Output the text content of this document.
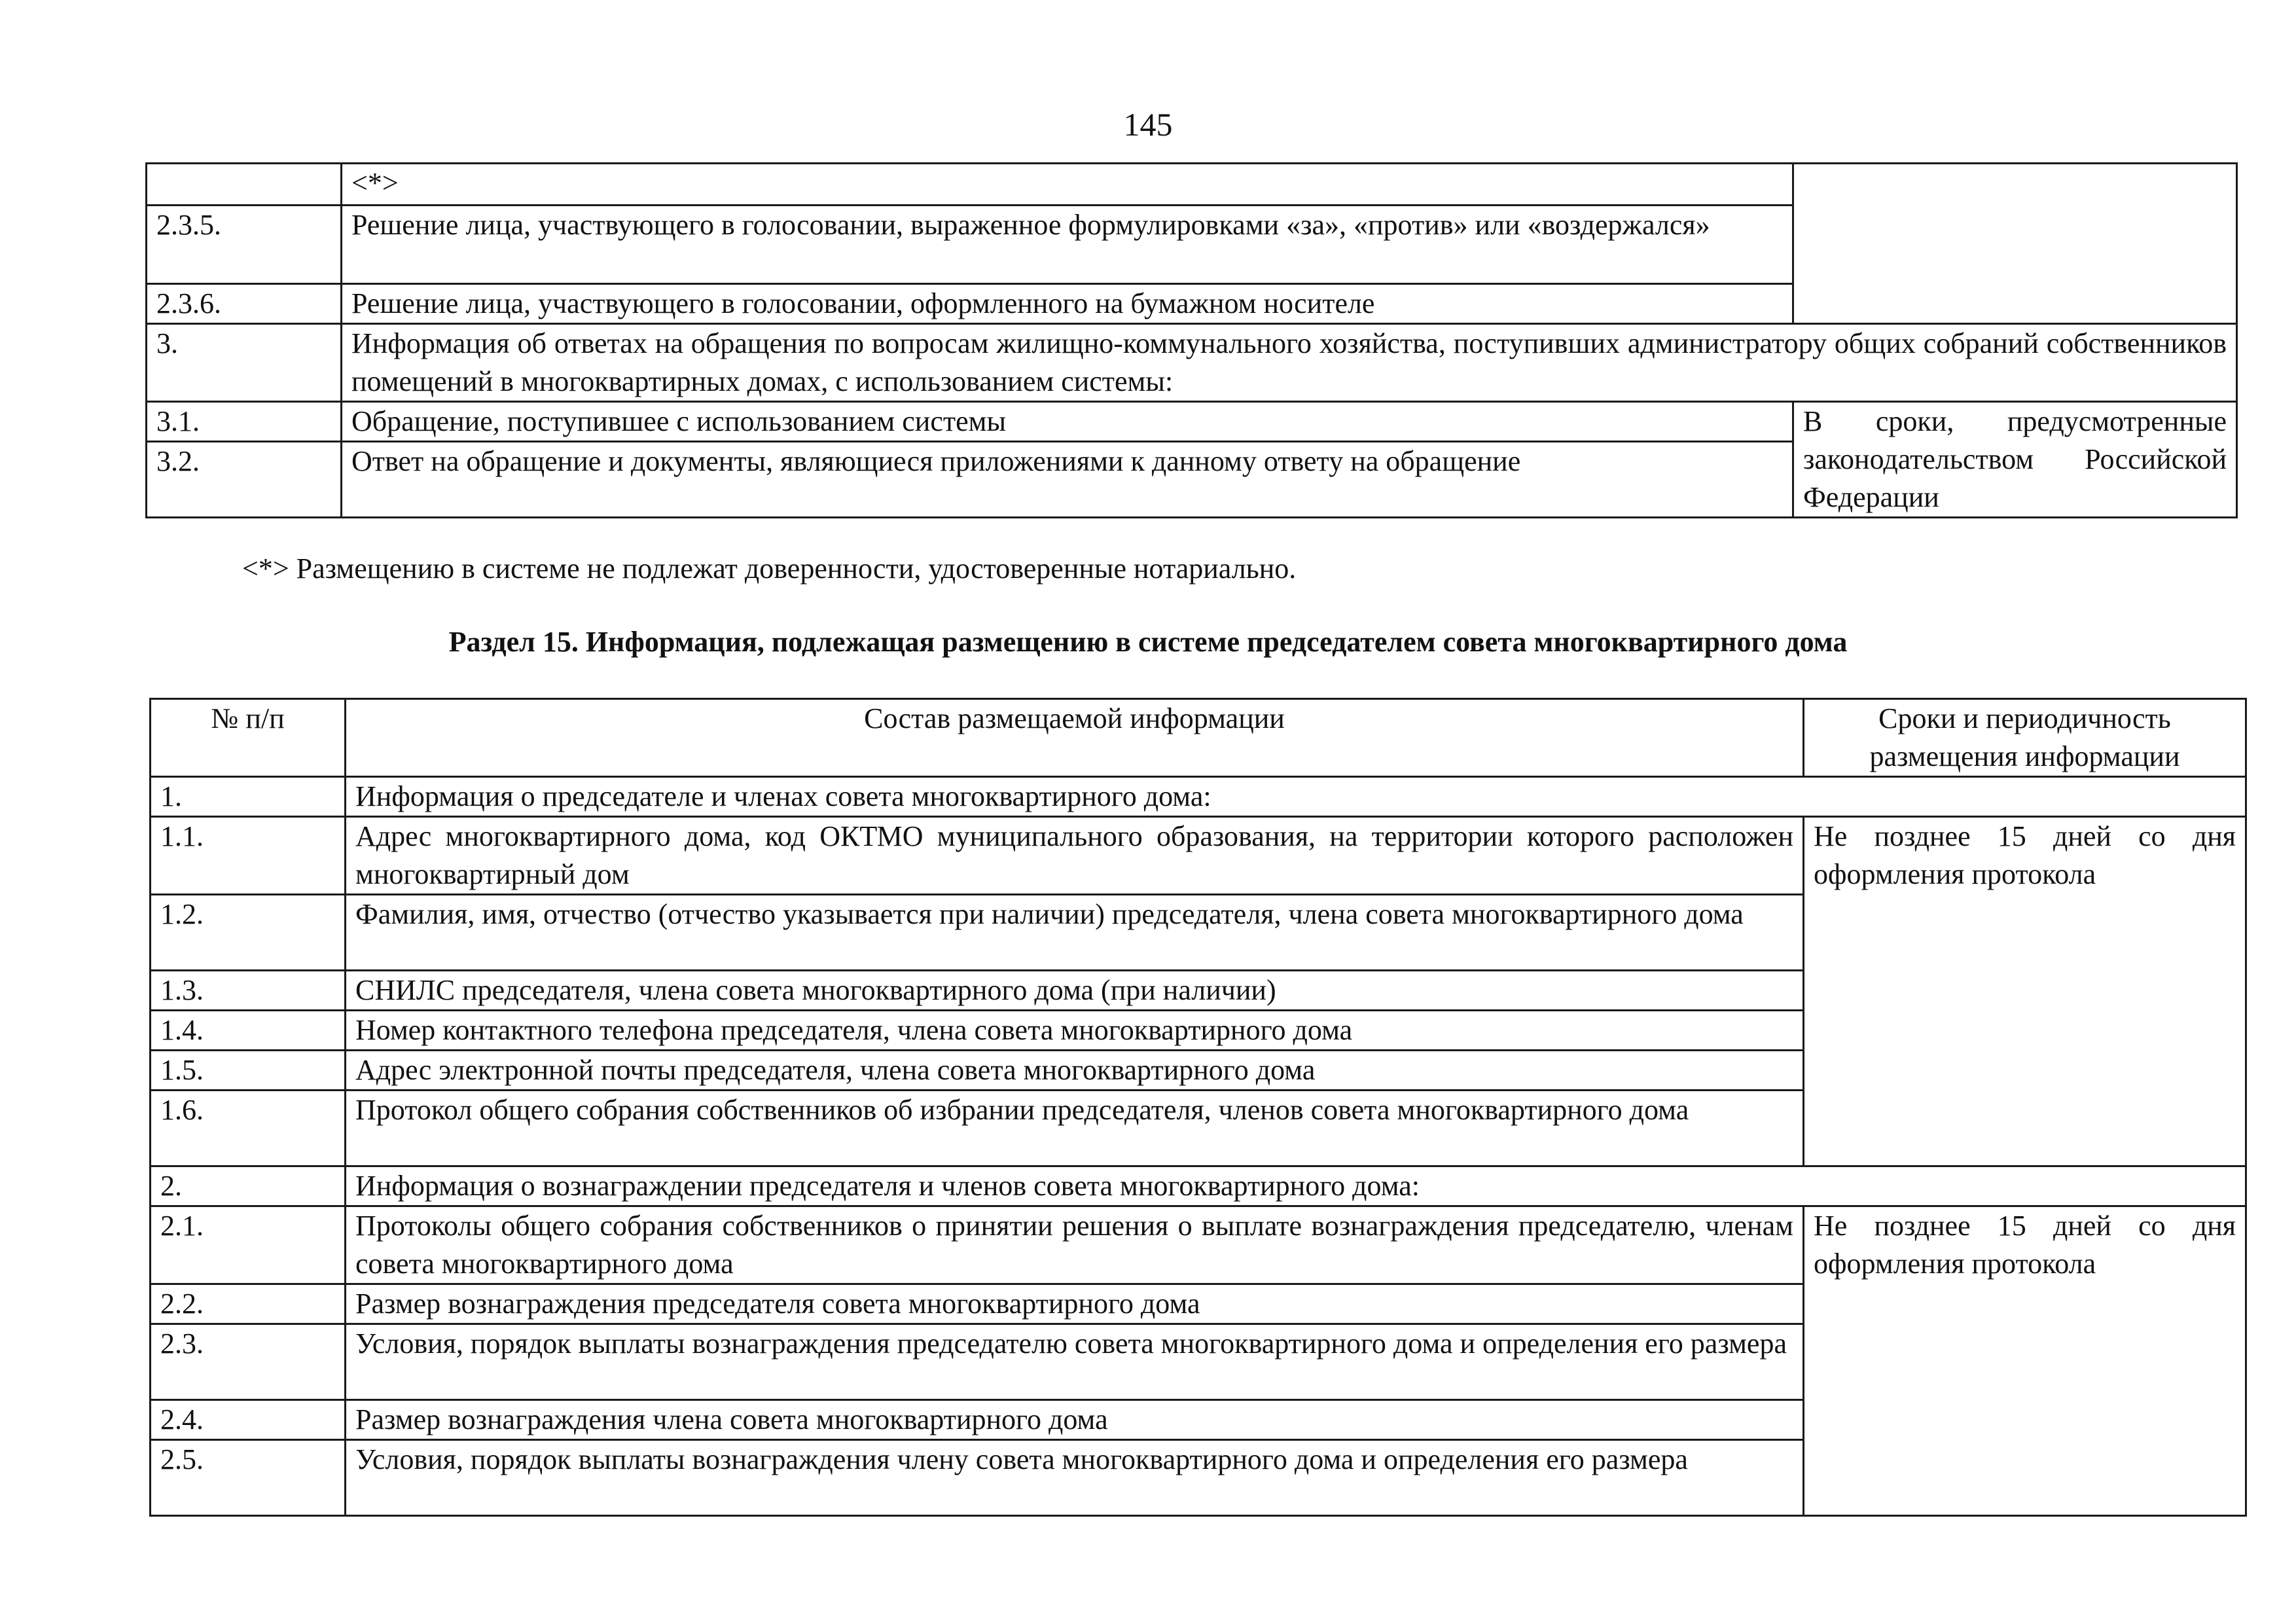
145
	<*>	
2.3.5.	Решение лица, участвующего в голосовании, выраженное формулировками «за», «против» или «воздержался»	
2.3.6.	Решение лица, участвующего в голосовании, оформленного на бумажном носителе	
3.	Информация об ответах на обращения по вопросам жилищно-коммунального хозяйства, поступивших администратору общих собраний собственников помещений в многоквартирных домах, с использованием системы:	
3.1.	Обращение, поступившее с использованием системы	В сроки, предусмотренные законодательством Российской Федерации
3.2.	Ответ на обращение и документы, являющиеся приложениями к данному ответу на обращение	
<*> Размещению в системе не подлежат доверенности, удостоверенные нотариально.
Раздел 15. Информация, подлежащая размещению в системе председателем совета многоквартирного дома
№ п/п	Состав размещаемой информации	Сроки и периодичность размещения информации
1.	Информация о председателе и членах совета многоквартирного дома:	
1.1.	Адрес многоквартирного дома, код ОКТМО муниципального образования, на территории которого расположен многоквартирный дом	Не позднее 15 дней со дня оформления протокола
1.2.	Фамилия, имя, отчество (отчество указывается при наличии) председателя, члена совета многоквартирного дома	
1.3.	СНИЛС председателя, члена совета многоквартирного дома (при наличии)	
1.4.	Номер контактного телефона председателя, члена совета многоквартирного дома	
1.5.	Адрес электронной почты председателя, члена совета многоквартирного дома	
1.6.	Протокол общего собрания собственников об избрании председателя, членов совета многоквартирного дома	
2.	Информация о вознаграждении председателя и членов совета многоквартирного дома:	
2.1.	Протоколы общего собрания собственников о принятии решения о выплате вознаграждения председателю, членам совета многоквартирного дома	Не позднее 15 дней со дня оформления протокола
2.2.	Размер вознаграждения председателя совета многоквартирного дома	
2.3.	Условия, порядок выплаты вознаграждения председателю совета многоквартирного дома и определения его размера	
2.4.	Размер вознаграждения члена совета многоквартирного дома	
2.5.	Условия, порядок выплаты вознаграждения члену совета многоквартирного дома и определения его размера	
